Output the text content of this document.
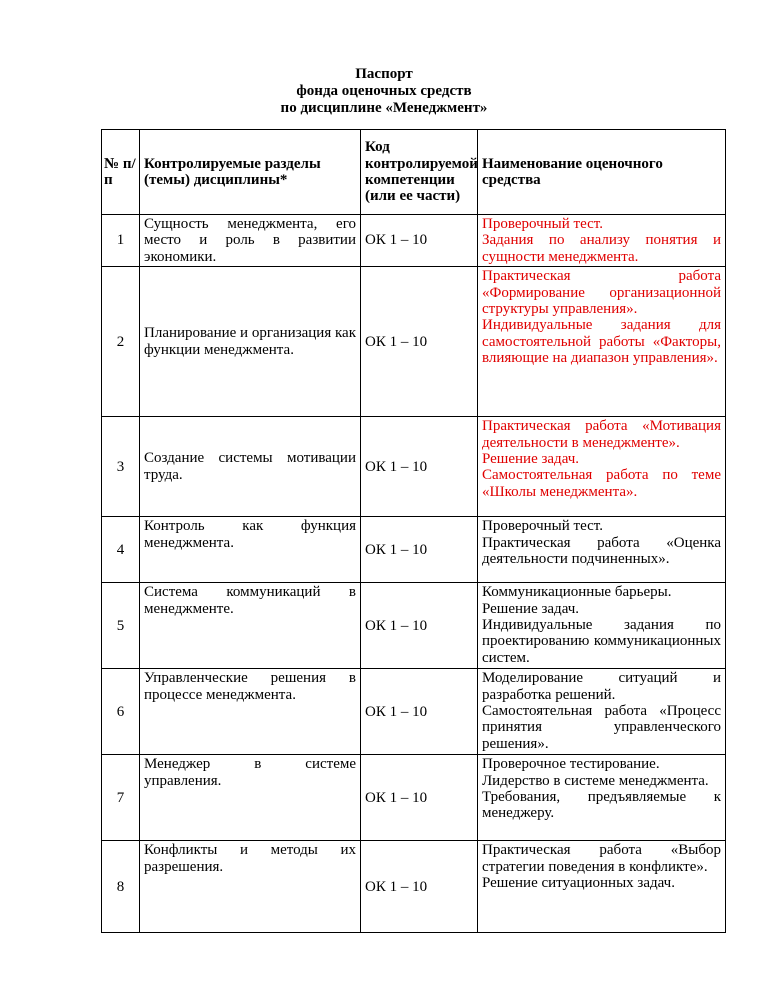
Паспорт
фонда оценочных средств
по дисциплине «Менеджмент»
№ п/п	Контролируемые разделы (темы) дисциплины*	Код контролируемой компетенции (или ее части)	Наименование оценочного средства
1	Сущность менеджмента, его место и роль в развитии экономики.	ОК 1 – 10	Проверочный тест.
Задания по анализу понятия и сущности менеджмента.

2	Планирование и организация как функции менеджмента.	ОК 1 – 10	Практическая работа «Формирование организационной структуры управления».
Индивидуальные задания для самостоятельной работы «Факторы, влияющие на диапазон управления».

3	Создание системы мотивации труда.	ОК 1 – 10	Практическая работа «Мотивация деятельности в менеджменте».
Решение задач.
Самостоятельная работа по теме «Школы менеджмента».

4	Контроль как функция менеджмента.	ОК 1 – 10	Проверочный тест.
Практическая работа «Оценка деятельности подчиненных».

5	Система коммуникаций в менеджменте.	ОК 1 – 10	Коммуникационные барьеры.
Решение задач.
Индивидуальные задания по проектированию коммуникационных систем.

6	Управленческие решения в процессе менеджмента.	ОК 1 – 10	Моделирование ситуаций и разработка решений.
Самостоятельная работа «Процесс принятия управленческого решения».

7	Менеджер в системе управления.	ОК 1 – 10	Проверочное тестирование.
Лидерство в системе менеджмента.
Требования, предъявляемые к менеджеру.

8	Конфликты и методы их разрешения.	ОК 1 – 10	Практическая работа «Выбор стратегии поведения в конфликте».
Решение ситуационных задач.
